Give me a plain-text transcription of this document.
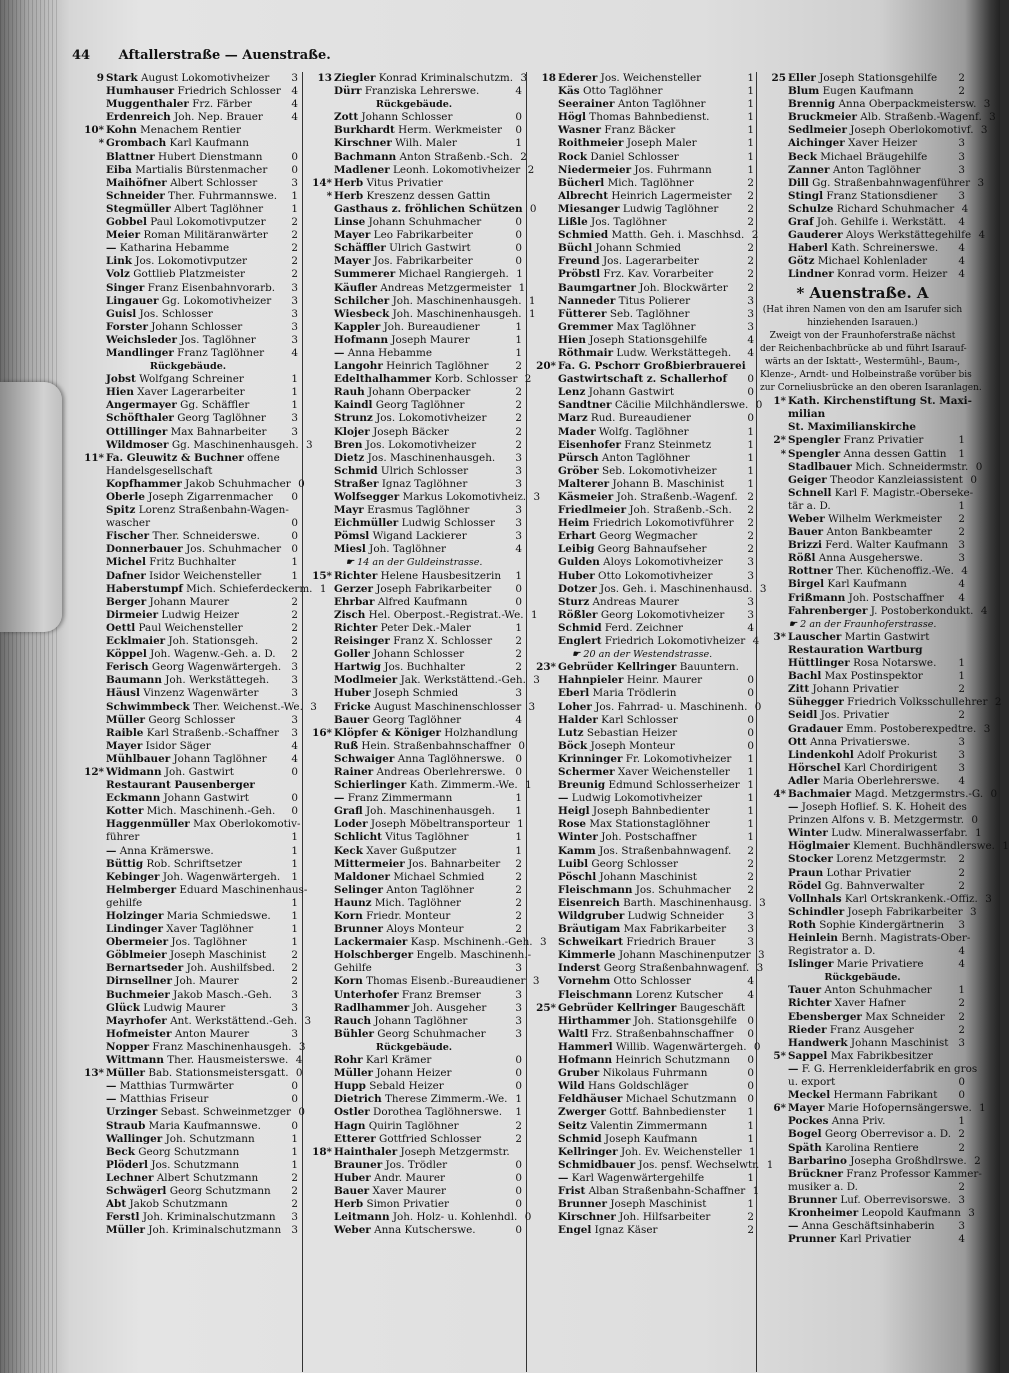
44 Aftallerstraße — Auenstraße.
9 Stark August Lokomotivheizer	3
Humhauser Friedrich Schlosser	4
Muggenthaler Frz. Färber	4
Erdenreich Joh. Nep. Brauer	4
10* Kohn Menachem Rentier
* Grombach Karl Kaufmann
Blattner Hubert Dienstmann	0
Eiba Martialis Bürstenmacher	0
Maihöfner Albert Schlosser	3
Schneider Ther. Fuhrmannswe.	1
Stegmüller Albert Taglöhner	1
Gobbel Paul Lokomotivputzer	2
Meier Roman Militäranwärter	2
— Katharina Hebamme	2
Link Jos. Lokomotivputzer	2
Volz Gottlieb Platzmeister	2
Singer Franz Eisenbahnvorarb.	3
Lingauer Gg. Lokomotivheizer	3
Guisl Jos. Schlosser	3
Forster Johann Schlosser	3
Weichsleder Jos. Taglöhner	3
Mandlinger Franz Taglöhner	4
Rückgebäude.
Jobst Wolfgang Schreiner	1
Hien Xaver Lagerarbeiter	1
Angermayer Gg. Schäffler	1
Schöfthaler Georg Taglöhner	3
Ottillinger Max Bahnarbeiter	3
Wildmoser Gg. Maschinenhausgeh. 3
11* Fa. Gleuwitz & Buchner offene
Handelsgesellschaft
Kopfhammer Jakob Schuhmacher 0
Oberle Joseph Zigarrenmacher	0
Spitz Lorenz Straßenbahn-Wagen-
wascher	0
Fischer Ther. Schneiderswe.	0
Donnerbauer Jos. Schuhmacher 0
Michel Fritz Buchhalter	1
Dafner Isidor Weichensteller	1
Haberstumpf Mich. Schieferdeckerm. 1
Berger Johann Maurer	2
Dirmeier Ludwig Heizer	2
Oettl Paul Weichensteller	2
Ecklmaier Joh. Stationsgeh.	2
Köppel Joh. Wagenw.-Geh. a. D.	2
Ferisch Georg Wagenwärtergeh. 3
Baumann Joh. Werkstättegeh.	3
Häusl Vinzenz Wagenwärter	3
Schwimmbeck Ther. Weichenst.-We. 3
Müller Georg Schlosser	3
Raible Karl Straßenb.-Schaffner	3
Mayer Isidor Säger	4
Mühlbauer Johann Taglöhner	4
12* Widmann Joh. Gastwirt	0
Restaurant Pausenberger
Eckmann Johann Gastwirt	0
Kotter Mich. Maschinenh.-Geh.	0
Haggenmüller Max Oberlokomotiv-
führer	1
— Anna Krämerswe.	1
Büttig Rob. Schriftsetzer	1
Kebinger Joh. Wagenwärtergeh.	1
Helmberger Eduard Maschinenhaus-
gehilfe	1
Holzinger Maria Schmiedswe.	1
Lindinger Xaver Taglöhner	1
Obermeier Jos. Taglöhner	1
Göblmeier Joseph Maschinist	2
Bernartseder Joh. Aushilfsbed.	2
Dirnsellner Joh. Maurer	2
Buchmeier Jakob Masch.-Geh.	3
Glück Ludwig Maurer	3
Mayrhofer Ant. Werkstättend.-Geh. 3
Hofmeister Anton Maurer	3
Nopper Franz Maschinenhausgeh. 3
Wittmann Ther. Hausmeisterswe. 4
13* Müller Bab. Stationsmeistersgatt. 0
— Matthias Turmwärter	0
— Matthias Friseur	0
Urzinger Sebast. Schweinmetzger 0
Straub Maria Kaufmannswe.	0
Wallinger Joh. Schutzmann	1
Beck Georg Schutzmann	1
Plöderl Jos. Schutzmann	1
Lechner Albert Schutzmann	2
Schwägerl Georg Schutzmann	2
Abt Jakob Schutzmann	2
Ferstl Joh. Kriminalschutzmann	3
Müller Joh. Kriminalschutzmann 3
13 Ziegler Konrad Kriminalschutzm. 3
Dürr Franziska Lehrerswe.	4
Rückgebäude.
Zott Johann Schlosser	0
Burkhardt Herm. Werkmeister	0
Kirschner Wilh. Maler	1
Bachmann Anton Straßenb.-Sch. 2
Madlener Leonh. Lokomotivheizer 2
14* Herb Vitus Privatier
* Herb Kreszenz dessen Gattin
Gasthaus z. fröhlichen Schützen 0
Linse Johann Schuhmacher	0
Mayer Leo Fabrikarbeiter	0
Schäffler Ulrich Gastwirt	0
Mayer Jos. Fabrikarbeiter	0
Summerer Michael Rangiergeh. 1
Käufler Andreas Metzgermeister 1
Schilcher Joh. Maschinenhausgeh. 1
Wiesbeck Joh. Maschinenhausgeh. 1
Kappler Joh. Bureaudiener	1
Hofmann Joseph Maurer	1
— Anna Hebamme	1
Langohr Heinrich Taglöhner	2
Edelthalhammer Korb. Schlosser 2
Rauh Johann Oberpacker	2
Kaindl Georg Taglöhner	2
Strunz Jos. Lokomotivheizer	2
Klojer Joseph Bäcker	2
Bren Jos. Lokomotivheizer	2
Dietz Jos. Maschinenhausgeh.	3
Schmid Ulrich Schlosser	3
Straßer Ignaz Taglöhner	3
Wolfsegger Markus Lokomotivheiz. 3
Mayr Erasmus Taglöhner	3
Eichmüller Ludwig Schlosser	3
Pömsl Wigand Lackierer	3
Miesl Joh. Taglöhner	4
☛ 14 an der Guldeinstrasse.
15* Richter Helene Hausbesitzerin	1
Gerzer Joseph Fabrikarbeiter	0
Ehrbar Alfred Kaufmann	0
Zisch Hel. Oberpost.-Registrat.-We. 1
Richter Peter Dek.-Maler	1
Reisinger Franz X. Schlosser	2
Goller Johann Schlosser	2
Hartwig Jos. Buchhalter	2
Modlmeier Jak. Werkstättend.-Geh. 3
Huber Joseph Schmied	3
Fricke August Maschinenschlosser 3
Bauer Georg Taglöhner	4
16* Klöpfer & Königer Holzhandlung
Ruß Hein. Straßenbahnschaffner 0
Schwaiger Anna Taglöhnerswe.	0
Rainer Andreas Oberlehrerswe. 0
Schierlinger Kath. Zimmerm.-We. 1
— Franz Zimmermann	1
Grafl Joh. Maschinenhausgeh.	1
Loder Joseph Möbeltransporteur 1
Schlicht Vitus Taglöhner	1
Keck Xaver Gußputzer	1
Mittermeier Jos. Bahnarbeiter	2
Maldoner Michael Schmied	2
Selinger Anton Taglöhner	2
Haunz Mich. Taglöhner	2
Korn Friedr. Monteur	2
Brunner Aloys Monteur	2
Lackermaier Kasp. Mschinenh.-Geh. 3
Holschberger Engelb. Maschinenh.-
Gehilfe	3
Korn Thomas Eisenb.-Bureaudiener 3
Unterhofer Franz Bremser	3
Radlhammer Joh. Ausgeher	3
Rauch Johann Taglöhner	3
Bühler Georg Schuhmacher	3
Rückgebäude.
Rohr Karl Krämer	0
Müller Johann Heizer	0
Hupp Sebald Heizer	0
Dietrich Therese Zimmerm.-We. 1
Ostler Dorothea Taglöhnerswe.	1
Hagn Quirin Taglöhner	2
Etterer Gottfried Schlosser	2
18* Hainthaler Joseph Metzgermstr.
Brauner Jos. Trödler	0
Huber Andr. Maurer	0
Bauer Xaver Maurer	0
Herb Simon Privatier	0
Leitmann Joh. Holz- u. Kohlenhdl. 0
Weber Anna Kutscherswe.	0
18 Ederer Jos. Weichensteller	1
Käs Otto Taglöhner	1
Seerainer Anton Taglöhner	1
Högl Thomas Bahnbedienst.	1
Wasner Franz Bäcker	1
Roithmeier Joseph Maler	1
Rock Daniel Schlosser	1
Niedermeier Jos. Fuhrmann	1
Bücherl Mich. Taglöhner	2
Albrecht Heinrich Lagermeister	2
Miesanger Ludwig Taglöhner	2
Lißle Jos. Taglöhner	2
Schmied Matth. Geh. i. Maschhsd. 2
Büchl Johann Schmied	2
Freund Jos. Lagerarbeiter	2
Pröbstl Frz. Kav. Vorarbeiter	2
Baumgartner Joh. Blockwärter	2
Nanneder Titus Polierer	3
Fütterer Seb. Taglöhner	3
Gremmer Max Taglöhner	3
Hien Joseph Stationsgehilfe	4
Röthmair Ludw. Werkstättegeh.	4
20* Fa. G. Pschorr Großbierbrauerei
Gastwirtschaft z. Schallerhof	0
Lenz Johann Gastwirt	0
Sandtner Cäcilie Milchhändlerswe. 0
Marz Rud. Bureaudiener	0
Mader Wolfg. Taglöhner	1
Eisenhofer Franz Steinmetz	1
Pürsch Anton Taglöhner	1
Gröber Seb. Lokomotivheizer	1
Malterer Johann B. Maschinist	1
Käsmeier Joh. Straßenb.-Wagenf. 2
Friedlmeier Joh. Straßenb.-Sch.	2
Heim Friedrich Lokomotivführer	2
Erhart Georg Wegmacher	2
Leibig Georg Bahnaufseher	2
Gulden Aloys Lokomotivheizer	3
Huber Otto Lokomotivheizer	3
Dotzer Jos. Geh. i. Maschinenhausd. 3
Sturz Andreas Maurer	3
Rößler Georg Lokomotivheizer	3
Schmid Ferd. Zeichner	4
Englert Friedrich Lokomotivheizer 4
☛ 20 an der Westendstrasse.
23* Gebrüder Kellringer Bauuntern.
Hahnpieler Heinr. Maurer	0
Eberl Maria Trödlerin	0
Loher Jos. Fahrrad- u. Maschinenh. 0
Halder Karl Schlosser	0
Lutz Sebastian Heizer	0
Böck Joseph Monteur	0
Krinninger Fr. Lokomotivheizer	1
Schermer Xaver Weichensteller	1
Breunig Edmund Schlosserheizer 1
— Ludwig Lokomotivheizer	1
Heigl Joseph Bahnbedienter	1
Rose Max Stationstaglöhner	1
Winter Joh. Postschaffner	1
Kamm Jos. Straßenbahnwagenf.	2
Luibl Georg Schlosser	2
Pöschl Johann Maschinist	2
Fleischmann Jos. Schuhmacher	2
Eisenreich Barth. Maschinenhausg. 3
Wildgruber Ludwig Schneider	3
Bräutigam Max Fabrikarbeiter	3
Schweikart Friedrich Brauer	3
Kimmerle Johann Maschinenputzer 3
Inderst Georg Straßenbahnwagenf. 3
Vornehm Otto Schlosser	4
Fleischmann Lorenz Kutscher	4
25* Gebrüder Kellringer Baugeschäft
Hirthammer Joh. Stationsgehilfe	0
Waltl Frz. Straßenbahnschaffner	0
Hammerl Willib. Wagenwärtergeh. 0
Hofmann Heinrich Schutzmann	0
Gruber Nikolaus Fuhrmann	0
Wild Hans Goldschläger	0
Feldhäuser Michael Schutzmann	0
Zwerger Gottf. Bahnbedienster	1
Seitz Valentin Zimmermann	1
Schmid Joseph Kaufmann	1
Kellringer Joh. Ev. Weichensteller 1
Schmidbauer Jos. pensf. Wechselwtr. 1
— Karl Wagenwärtergehilfe	1
Frist Alban Straßenbahn-Schaffner 1
Brunner Joseph Maschinist	1
Kirschner Joh. Hilfsarbeiter	2
Engel Ignaz Käser	2
25 Eller Joseph Stationsgehilfe	2
Blum Eugen Kaufmann	2
Brennig Anna Oberpackmeistersw. 3
Bruckmeier Alb. Straßenb.-Wagenf. 3
Sedlmeier Joseph Oberlokomotivf. 3
Aichinger Xaver Heizer	3
Beck Michael Bräugehilfe	3
Zanner Anton Taglöhner	3
Dill Gg. Straßenbahnwagenführer 3
Stingl Franz Stationsdiener	3
Schulze Richard Schuhmacher 4
Graf Joh. Gehilfe i. Werkstätt.	4
Gauderer Aloys Werkstättegehilfe 4
Haberl Kath. Schreinerswe.	4
Götz Michael Kohlenlader	4
Lindner Konrad vorm. Heizer	4
* Auenstraße. A
(Hat ihren Namen von den am Isarufer sich
hinziehenden Isarauen.)
Zweigt von der Fraunhoferstraße nächst
der Reichenbachbrücke ab und führt Isarauf-
wärts an der Isktatt-, Westermühl-, Baum-,
Klenze-, Arndt- und Holbeinstraße vorüber bis
zur Corneliusbrücke an den oberen Isaranlagen.
1* Kath. Kirchenstiftung St. Maxi-
milian
St. Maximilianskirche
2* Spengler Franz Privatier	1
* Spengler Anna dessen Gattin	1
Stadlbauer Mich. Schneidermstr. 0
Geiger Theodor Kanzleiassistent 0
Schnell Karl F. Magistr.-Oberseke-
tär a. D.	1
Weber Wilhelm Werkmeister	2
Bauer Anton Bankbeamter	2
Brizzi Ferd. Walter Kaufmann 3
Rößl Anna Ausgeherswe.	3
Rottner Ther. Küchenoffiz.-We. 4
Birgel Karl Kaufmann	4
Frißmann Joh. Postschaffner	4
Fahrenberger J. Postoberkondukt. 4
☛ 2 an der Fraunhoferstrasse.
3* Lauscher Martin Gastwirt
Restauration Wartburg
Hüttlinger Rosa Notarswe.	1
Bachl Max Postinspektor	1
Zitt Johann Privatier	2
Sühegger Friedrich Volksschullehrer 2
Seidl Jos. Privatier	2
Gradauer Emm. Postoberexpedtre. 3
Ott Anna Privatierswe.	3
Lindenkohl Adolf Prokurist	3
Hörschel Karl Chordirigent	3
Adler Maria Oberlehrerswe.	4
4* Bachmaier Magd. Metzgermstrs.-G. 0
— Joseph Hoflief. S. K. Hoheit des
Prinzen Alfons v. B. Metzgermstr. 0
Winter Ludw. Mineralwasserfabr. 1
Höglmaier Klement. Buchhändlerswe. 1
Stocker Lorenz Metzgermstr.	2
Praun Lothar Privatier	2
Rödel Gg. Bahnverwalter	2
Vollnhals Karl Ortskrankenk.-Offiz. 3
Schindler Joseph Fabrikarbeiter 3
Roth Sophie Kindergärtnerin	3
Heinlein Bernh. Magistrats-Ober-
Registrator a. D.	4
Islinger Marie Privatiere	4
Rückgebäude.
Tauer Anton Schuhmacher	1
Richter Xaver Hafner	2
Ebensberger Max Schneider	2
Rieder Franz Ausgeher	2
Handwerk Johann Maschinist 3
5* Sappel Max Fabrikbesitzer
— F. G. Herrenkleiderfabrik en gros
u. export	0
Meckel Hermann Fabrikant	0
6* Mayer Marie Hofopernsängerswe. 1
Pockes Anna Priv.	1
Bogel Georg Oberrevisor a. D. 2
Späth Karolina Rentiere	2
Barbarino Josepha Großhdlrswe. 2
Brückner Franz Professor Kammer-
musiker a. D.	2
Brunner Luf. Oberrevisorswe. 3
Kronheimer Leopold Kaufmann 3
— Anna Geschäftsinhaberin	3
Prunner Karl Privatier	4
